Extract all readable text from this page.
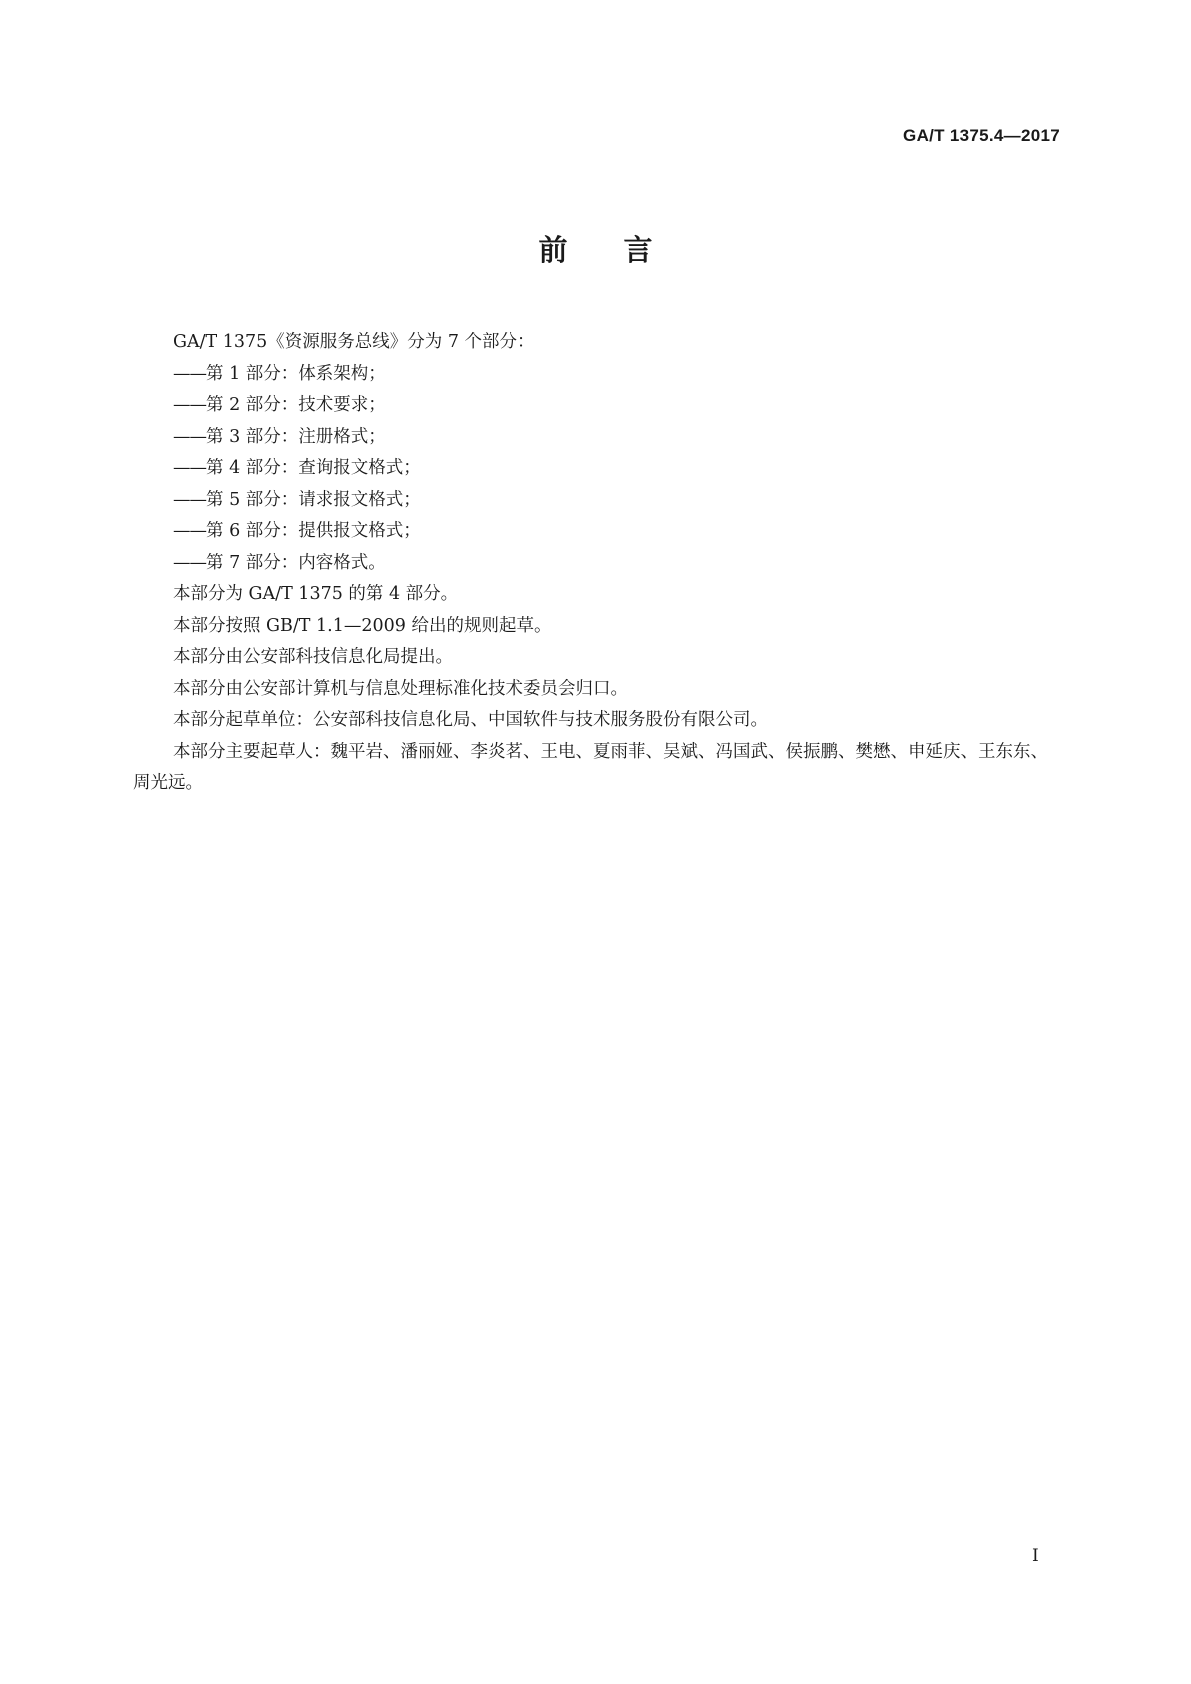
GA/T 1375.4—2017
前言

GA/T 1375《资源服务总线》分为 7 个部分：

——第 1 部分：体系架构；

——第 2 部分：技术要求；

——第 3 部分：注册格式；

——第 4 部分：查询报文格式；

——第 5 部分：请求报文格式；

——第 6 部分：提供报文格式；

——第 7 部分：内容格式。

本部分为 GA/T 1375 的第 4 部分。

本部分按照 GB/T 1.1—2009 给出的规则起草。

本部分由公安部科技信息化局提出。

本部分由公安部计算机与信息处理标准化技术委员会归口。

本部分起草单位：公安部科技信息化局、中国软件与技术服务股份有限公司。

本部分主要起草人：魏平岩、潘丽娅、李炎茗、王电、夏雨菲、吴斌、冯国武、侯振鹏、樊懋、申延庆、王东东、周光远。

I
